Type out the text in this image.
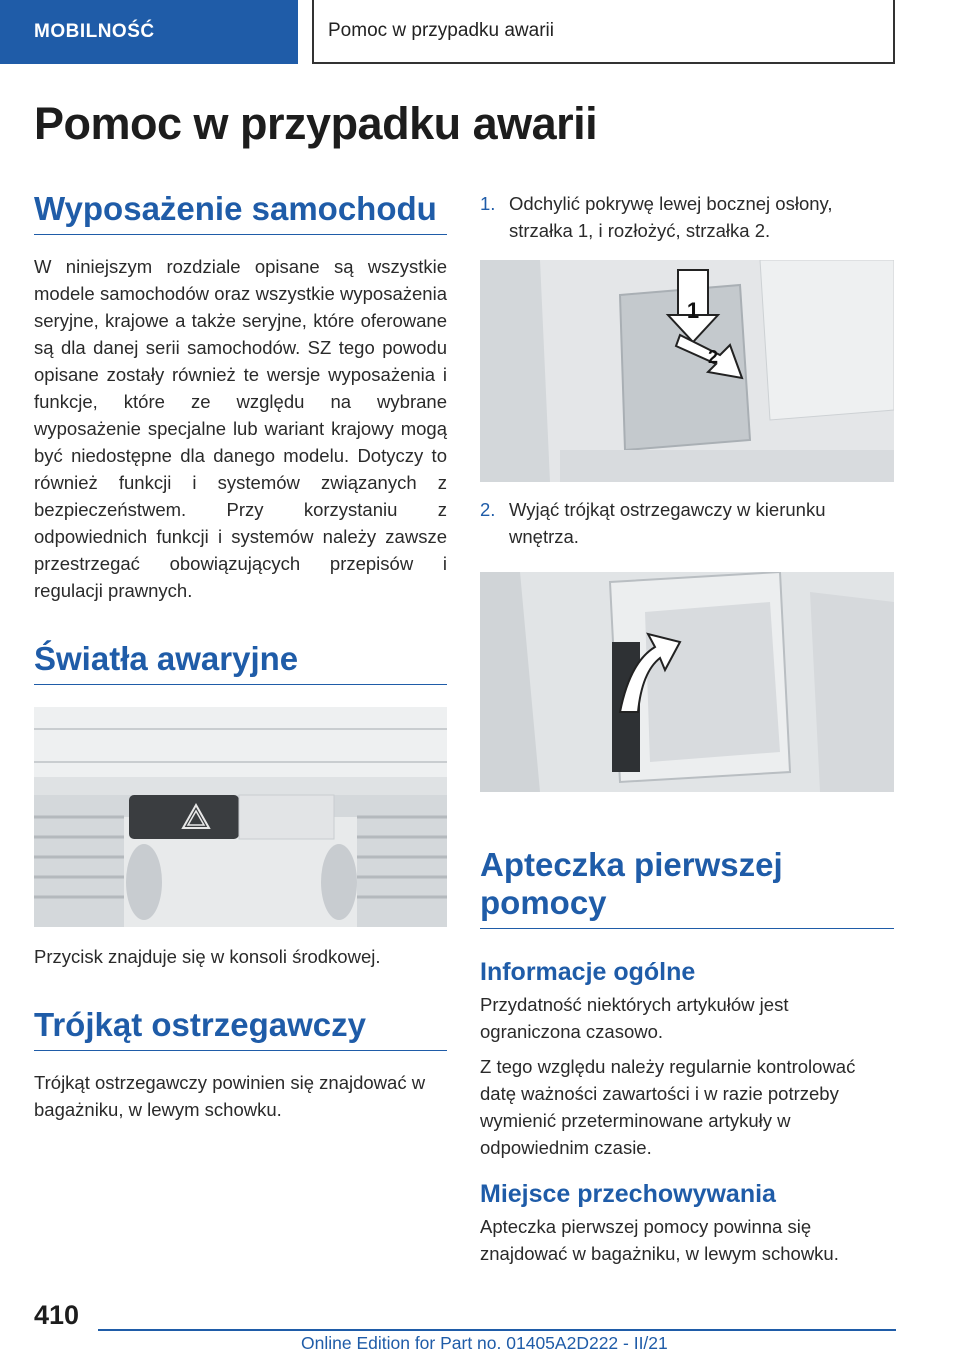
MOBILNOŚĆ	Pomoc w przypadku awarii
Pomoc w przypadku awarii
Wyposażenie samochodu

W niniejszym rozdziale opisane są wszystkie modele samochodów oraz wszystkie wyposażenia seryjne, krajowe a także seryjne, które oferowane są dla danej serii samochodów. SZ tego powodu opisane zostały również te wersje wyposażenia i funkcje, które ze względu na wybrane wyposażenie specjalne lub wariant krajowy mogą być niedostępne dla danego modelu. Dotyczy to również funkcji i systemów związanych z bezpieczeństwem. Przy korzystaniu z odpowiednich funkcji i systemów należy zawsze przestrzegać obowiązujących przepisów i regulacji prawnych.

Światła awaryjne

Przycisk znajduje się w konsoli środkowej.

Trójkąt ostrzegawczy

Trójkąt ostrzegawczy powinien się znajdować w bagażniku, w lewym schowku.

1. Odchylić pokrywę lewej bocznej osłony, strzałka 1, i rozłożyć, strzałka 2.
1
2
2. Wyjąć trójkąt ostrzegawczy w kierunku wnętrza.
Apteczka pierwszej pomocy
Informacje ogólne

Przydatność niektórych artykułów jest ograniczona czasowo.

Z tego względu należy regularnie kontrolować datę ważności zawartości i w razie potrzeby wymienić przeterminowane artykuły w odpowiednim czasie.

Miejsce przechowywania

Apteczka pierwszej pomocy powinna się znajdować w bagażniku, w lewym schowku.

410
Online Edition for Part no. 01405A2D222 - II/21
